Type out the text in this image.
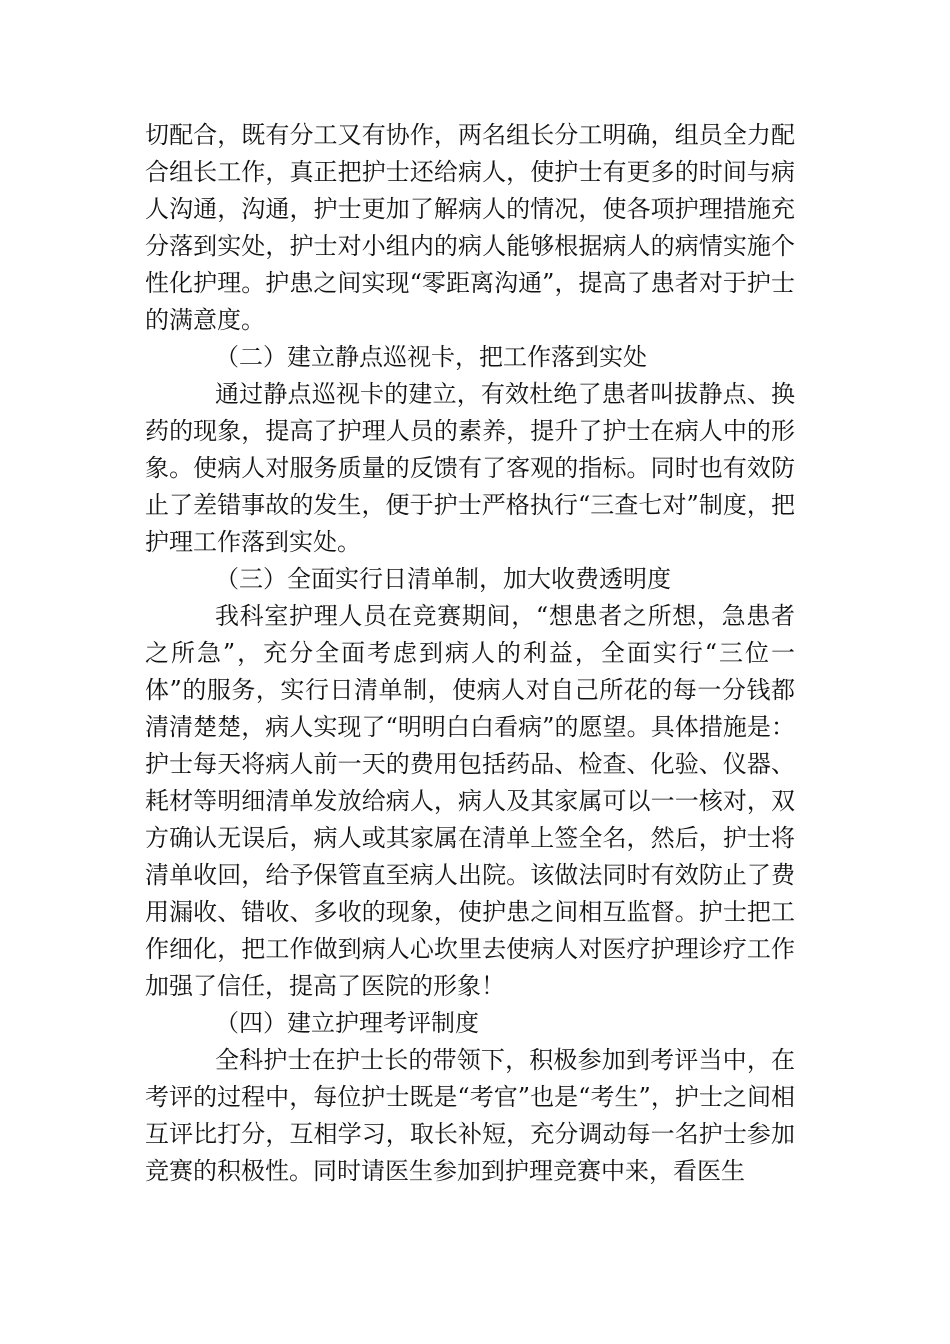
切配合，既有分工又有协作，两名组长分工明确，组员全力配合组长工作，真正把护士还给病人，使护士有更多的时间与病人沟通，沟通，护士更加了解病人的情况，使各项护理措施充分落到实处，护士对小组内的病人能够根据病人的病情实施个性化护理。护患之间实现“零距离沟通”，提高了患者对于护士的满意度。

（二）建立静点巡视卡，把工作落到实处

通过静点巡视卡的建立，有效杜绝了患者叫拔静点、换药的现象，提高了护理人员的素养，提升了护士在病人中的形象。使病人对服务质量的反馈有了客观的指标。同时也有效防止了差错事故的发生，便于护士严格执行“三查七对”制度，把护理工作落到实处。

（三）全面实行日清单制，加大收费透明度

我科室护理人员在竞赛期间，“想患者之所想，急患者之所急”，充分全面考虑到病人的利益，全面实行“三位一体”的服务，实行日清单制，使病人对自己所花的每一分钱都清清楚楚，病人实现了“明明白白看病”的愿望。具体措施是：护士每天将病人前一天的费用包括药品、检查、化验、仪器、耗材等明细清单发放给病人，病人及其家属可以一一核对，双方确认无误后，病人或其家属在清单上签全名，然后，护士将清单收回，给予保管直至病人出院。该做法同时有效防止了费用漏收、错收、多收的现象，使护患之间相互监督。护士把工作细化，把工作做到病人心坎里去使病人对医疗护理诊疗工作加强了信任，提高了医院的形象！

（四）建立护理考评制度

全科护士在护士长的带领下，积极参加到考评当中，在考评的过程中，每位护士既是“考官”也是“考生”，护士之间相互评比打分，互相学习，取长补短，充分调动每一名护士参加竞赛的积极性。同时请医生参加到护理竞赛中来，看医生
